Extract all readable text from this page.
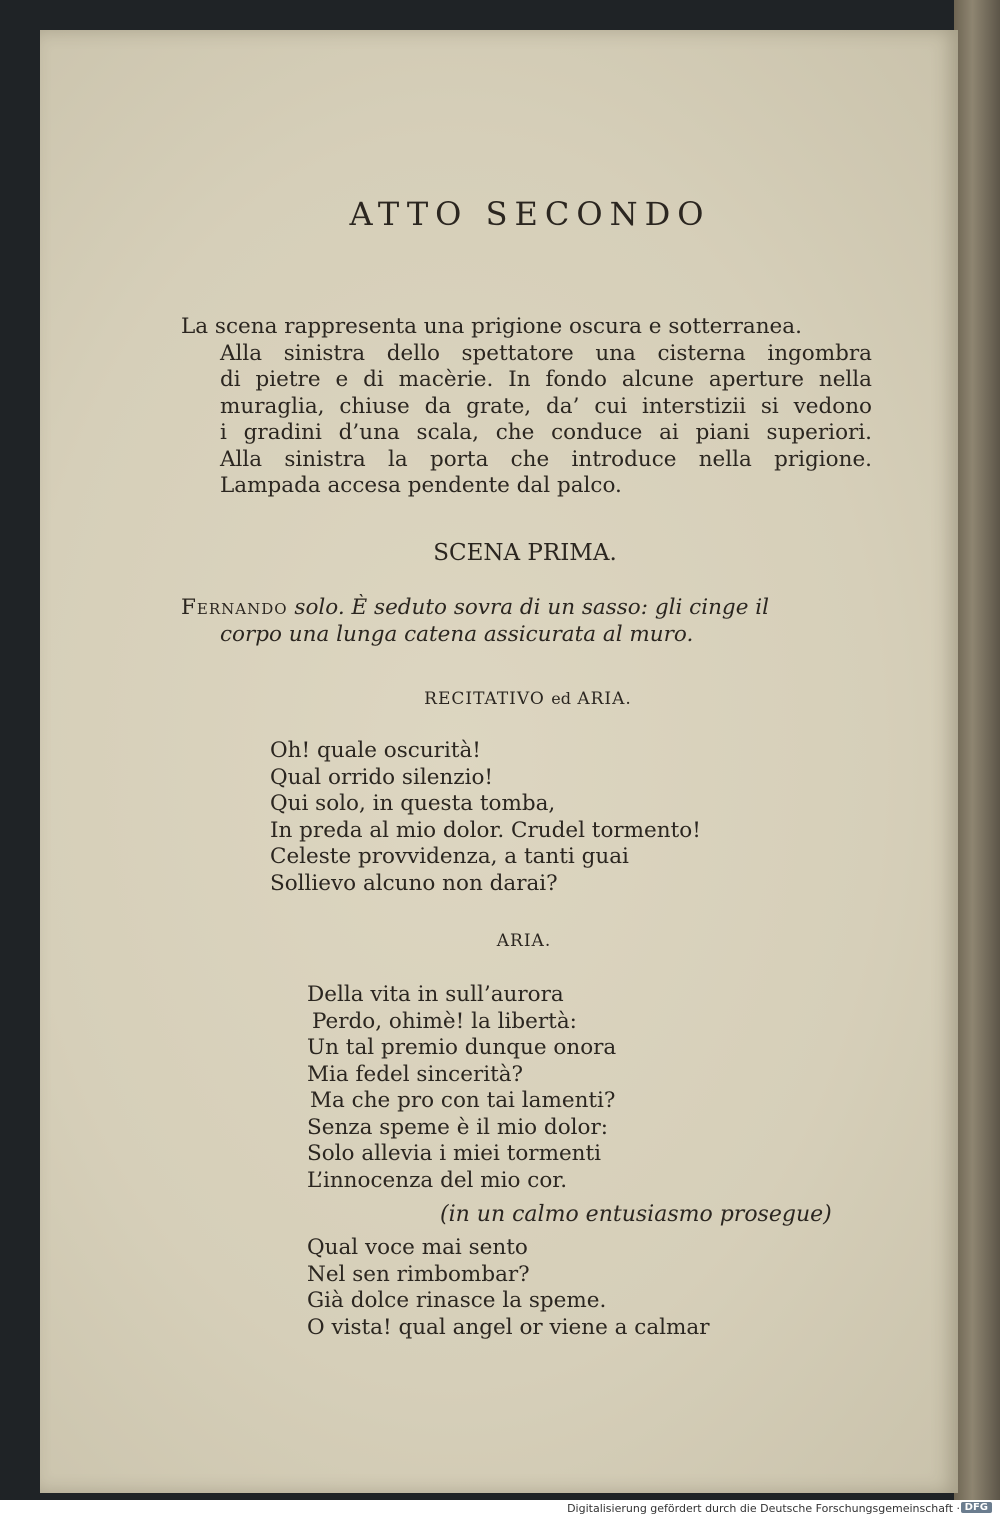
ATTO SECONDO
La scena rappresenta una prigione oscura e sotterranea.
Alla sinistra dello spettatore una cisterna ingombra
di pietre e di macèrie. In fondo alcune aperture nella
muraglia, chiuse da grate, da’ cui interstizii si vedono
i gradini d’una scala, che conduce ai piani superiori.
Alla sinistra la porta che introduce nella prigione.
Lampada accesa pendente dal palco.
SCENA PRIMA.
Fernando solo. È seduto sovra di un sasso: gli cinge il
corpo una lunga catena assicurata al muro.
RECITATIVO ed ARIA.
Oh! quale oscurità!
Qual orrido silenzio!
Qui solo, in questa tomba,
In preda al mio dolor. Crudel tormento!
Celeste provvidenza, a tanti guai
Sollievo alcuno non darai?
ARIA.
Della vita in sull’aurora
Perdo, ohimè! la libertà:
Un tal premio dunque onora
Mia fedel sincerità?
Ma che pro con tai lamenti?
Senza speme è il mio dolor:
Solo allevia i miei tormenti
L’innocenza del mio cor.
(in un calmo entusiasmo prosegue)
Qual voce mai sento
Nel sen rimbombar?
Già dolce rinasce la speme.
O vista! qual angel or viene a calmar
Digitalisierung gefördert durch die Deutsche Forschungsgemeinschaft · DFG
